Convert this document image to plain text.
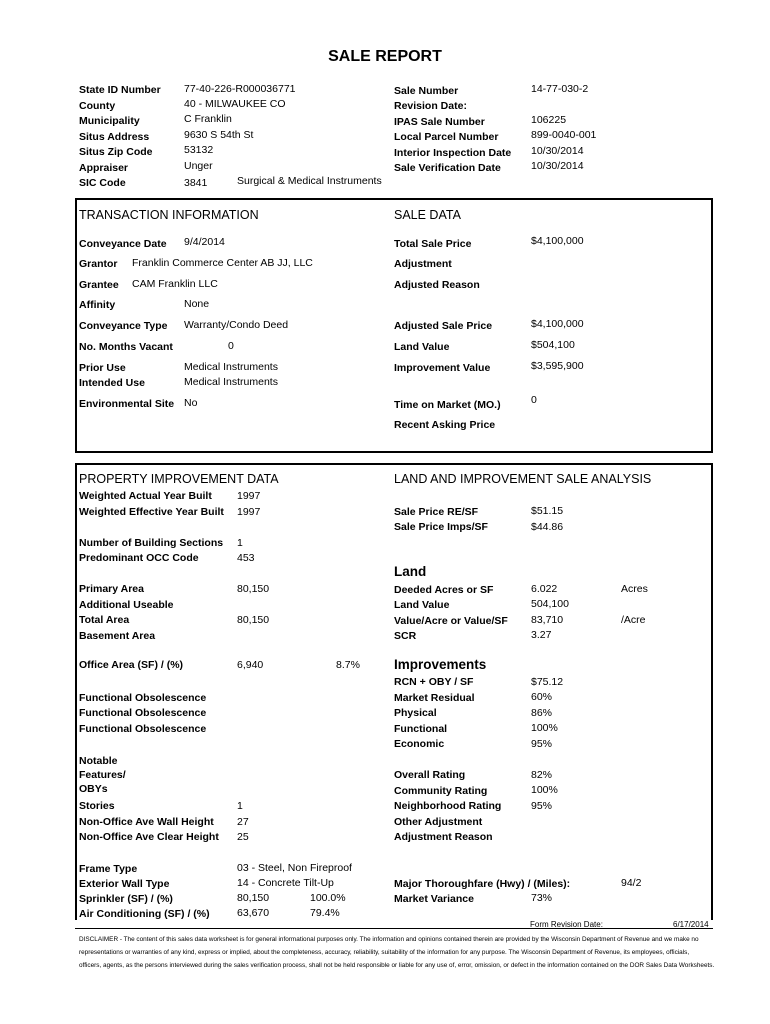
SALE REPORT
State ID Number 77-40-226-R000036771
County	40 - MILWAUKEE CO
Municipality	C Franklin
Situs Address	9630 S 54th St
Situs Zip Code	53132
Appraiser	Unger
SIC Code	3841	Surgical & Medical Instruments
Sale Number	14-77-030-2
Revision Date:
IPAS Sale Number	106225
Local Parcel Number	899-0040-001
Interior Inspection Date 10/30/2014
Sale Verification Date	10/30/2014
TRANSACTION INFORMATION	SALE DATA
Conveyance Date 9/4/2014
Grantor Franklin Commerce Center AB JJ, LLC
Grantee CAM Franklin LLC
Affinity	None
Conveyance Type Warranty/Condo Deed
No. Months Vacant	0
Prior Use	Medical Instruments
Intended Use	Medical Instruments
Environmental Site No
Total Sale Price	$4,100,000
Adjustment
Adjusted Reason
Adjusted Sale Price	$4,100,000
Land Value	$504,100
Improvement Value	$3,595,900
Time on Market (MO.)	0
Recent Asking Price
PROPERTY IMPROVEMENT DATA	LAND AND IMPROVEMENT SALE ANALYSIS
Weighted Actual Year Built 1997
Weighted Effective Year Built 1997
Number of Building Sections 1
Predominant OCC Code	453
Primary Area	80,150
Additional Useable
Total Area	80,150
Basement Area
Office Area (SF) / (%)	6,940	8.7%
Functional Obsolescence
Functional Obsolescence
Functional Obsolescence
Notable
Features/
OBYs
Stories	1
Non-Office Ave Wall Height 27
Non-Office Ave Clear Height 25
Frame Type	03 - Steel, Non Fireproof
Exterior Wall Type	14 - Concrete Tilt-Up
Sprinkler (SF) / (%)	80,150	100.0%
Air Conditioning (SF) / (%)	63,670	79.4%
Sale Price RE/SF	$51.15
Sale Price Imps/SF	$44.86
Land
Deeded Acres or SF	6.022	Acres
Land Value	504,100
Value/Acre or Value/SF 83,710	/Acre
SCR	3.27
Improvements
RCN + OBY / SF	$75.12
Market Residual	60%
Physical	86%
Functional	100%
Economic	95%
Overall Rating	82%
Community Rating	100%
Neighborhood Rating	95%
Other Adjustment
Adjustment Reason
Major Thoroughfare (Hwy) / (Miles):	94/2
Market Variance	73%
Form Revision Date:	6/17/2014
DISCLAIMER - The content of this sales data worksheet is for general informational purposes only. The information and opinions contained therein are provided by the Wisconsin Department of Revenue and we make no
representations or warranties of any kind, express or implied, about the completeness, accuracy, reliability, suitability of the information for any purpose. The Wisconsin Department of Revenue, its employees, officials,
officers, agents, as the persons interviewed during the sales verification process, shall not be held responsible or liable for any use of, error, omission, or defect in the information contained on the DOR Sales Data Worksheets.
